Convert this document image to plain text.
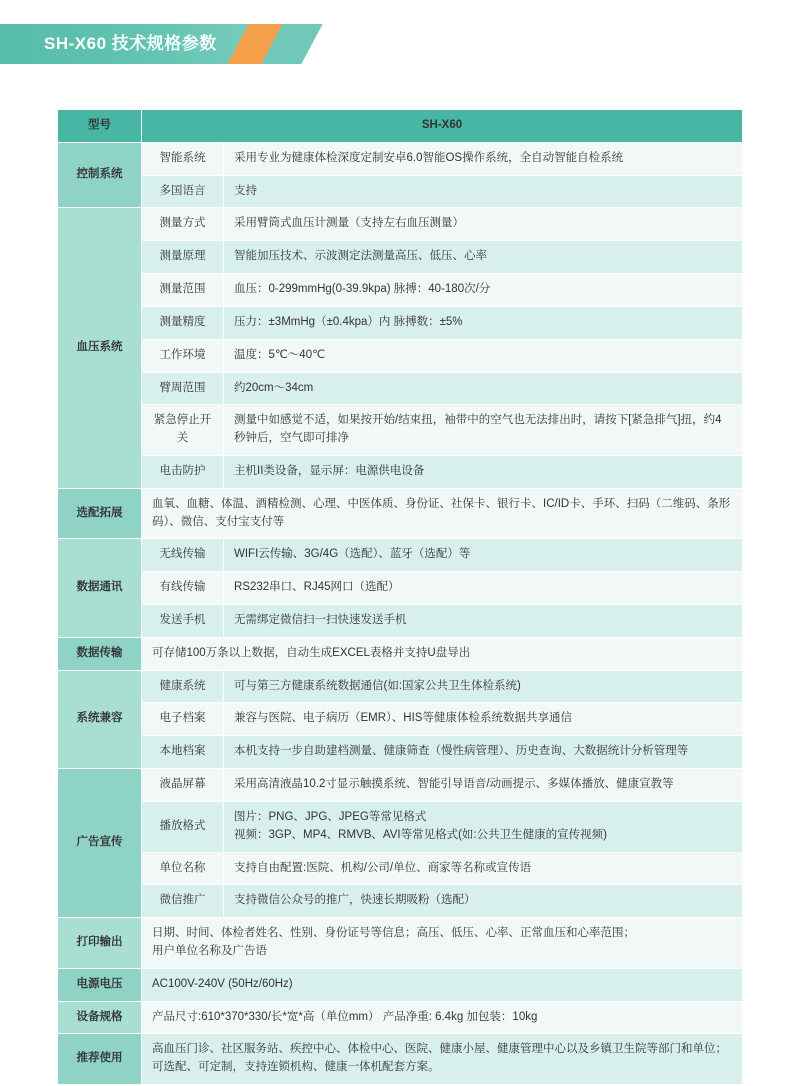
SH-X60 技术规格参数
型号	SH-X60	
控制系统	智能系统	采用专业为健康体检深度定制安卓6.0智能OS操作系统，全自动智能自检系统

	多国语言	支持

血压系统	测量方式	采用臂筒式血压计测量（支持左右血压测量）

	测量原理	智能加压技术、示波测定法测量高压、低压、心率

	测量范围	血压：0-299mmHg(0-39.9kpa) 脉搏：40-180次/分

	测量精度	压力：±3MmHg（±0.4kpa）内 脉搏数：±5%

	工作环境	温度：5℃～40℃

	臂周范围	约20cm～34cm

	紧急停止开关	测量中如感觉不适，如果按开始/结束扭，袖带中的空气也无法排出时，请按下[紧急排气]扭，约4秒钟后，空气即可排净

	电击防护	主机II类设备，显示屏：电源供电设备

选配拓展	血氧、血糖、体温、酒精检测、心理、中医体质、身份证、社保卡、银行卡、IC/ID卡、手环、扫码（二维码、条形码）、微信、支付宝支付等	

数据通讯	无线传输	WIFI云传输、3G/4G（选配）、蓝牙（选配）等

	有线传输	RS232串口、RJ45网口（选配）

	发送手机	无需绑定微信扫一扫快速发送手机

数据传输	可存储100万条以上数据，自动生成EXCEL表格并支持U盘导出	

系统兼容	健康系统	可与第三方健康系统数据通信(如:国家公共卫生体检系统)

	电子档案	兼容与医院、电子病历（EMR）、HIS等健康体检系统数据共享通信

	本地档案	本机支持一步自助建档测量、健康筛查（慢性病管理）、历史查询、大数据统计分析管理等

广告宣传	液晶屏幕	采用高清液晶10.2寸显示触摸系统、智能引导语音/动画提示、多媒体播放、健康宣教等

	播放格式	图片：PNG、JPG、JPEG等常见格式
视频：3GP、MP4、RMVB、AVI等常见格式(如:公共卫生健康的宣传视频)

	单位名称	支持自由配置:医院、机构/公司/单位、商家等名称或宣传语

	微信推广	支持微信公众号的推广，快速长期吸粉（选配）

打印输出	日期、时间、体检者姓名、性别、身份证号等信息；高压、低压、心率、正常血压和心率范围；
用户单位名称及广告语	

电源电压	AC100V-240V (50Hz/60Hz)	

设备规格	产品尺寸:610*370*330/长*宽*高（单位mm） 产品净重: 6.4kg 加包装：10kg	

推荐使用	高血压门诊、社区服务站、疾控中心、体检中心、医院、健康小屋、健康管理中心以及乡镇卫生院等部门和单位；
可选配、可定制，支持连锁机构、健康一体机配套方案。	
